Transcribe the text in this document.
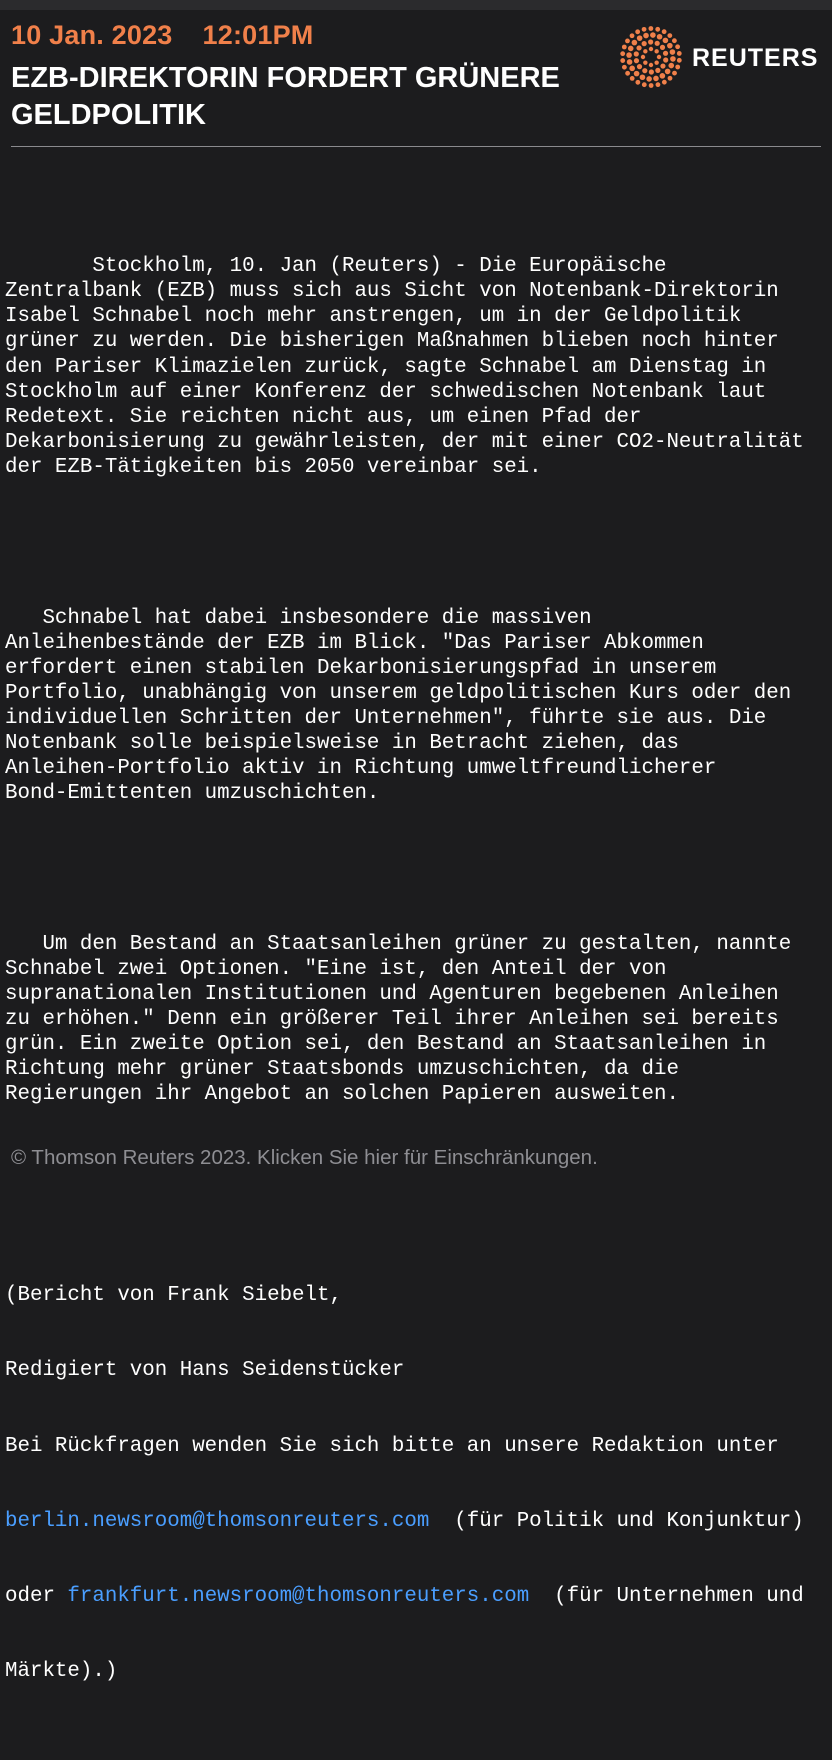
10 Jan. 2023 12:01PM
EZB-DIREKTORIN FORDERT GRÜNERE GELDPOLITIK
REUTERS

Stockholm, 10. Jan (Reuters) - Die Europäische
Zentralbank (EZB) muss sich aus Sicht von Notenbank-Direktorin
Isabel Schnabel noch mehr anstrengen, um in der Geldpolitik
grüner zu werden. Die bisherigen Maßnahmen blieben noch hinter
den Pariser Klimazielen zurück, sagte Schnabel am Dienstag in
Stockholm auf einer Konferenz der schwedischen Notenbank laut
Redetext. Sie reichten nicht aus, um einen Pfad der
Dekarbonisierung zu gewährleisten, der mit einer CO2-Neutralität
der EZB-Tätigkeiten bis 2050 vereinbar sei.

Schnabel hat dabei insbesondere die massiven
Anleihenbestände der EZB im Blick. "Das Pariser Abkommen
erfordert einen stabilen Dekarbonisierungspfad in unserem
Portfolio, unabhängig von unserem geldpolitischen Kurs oder den
individuellen Schritten der Unternehmen", führte sie aus. Die
Notenbank solle beispielsweise in Betracht ziehen, das
Anleihen-Portfolio aktiv in Richtung umweltfreundlicherer
Bond-Emittenten umzuschichten.

Um den Bestand an Staatsanleihen grüner zu gestalten, nannte
Schnabel zwei Optionen. "Eine ist, den Anteil der von
supranationalen Institutionen und Agenturen begebenen Anleihen
zu erhöhen." Denn ein größerer Teil ihrer Anleihen sei bereits
grün. Ein zweite Option sei, den Bestand an Staatsanleihen in
Richtung mehr grüner Staatsbonds umzuschichten, da die
Regierungen ihr Angebot an solchen Papieren ausweiten.

(Bericht von Frank Siebelt,

Redigiert von Hans Seidenstücker

Bei Rückfragen wenden Sie sich bitte an unsere Redaktion unter

berlin.newsroom@thomsonreuters.com  (für Politik und Konjunktur)

oder frankfurt.newsroom@thomsonreuters.com  (für Unternehmen und

Märkte).)

© Thomson Reuters 2023. Klicken Sie hier für Einschränkungen.
